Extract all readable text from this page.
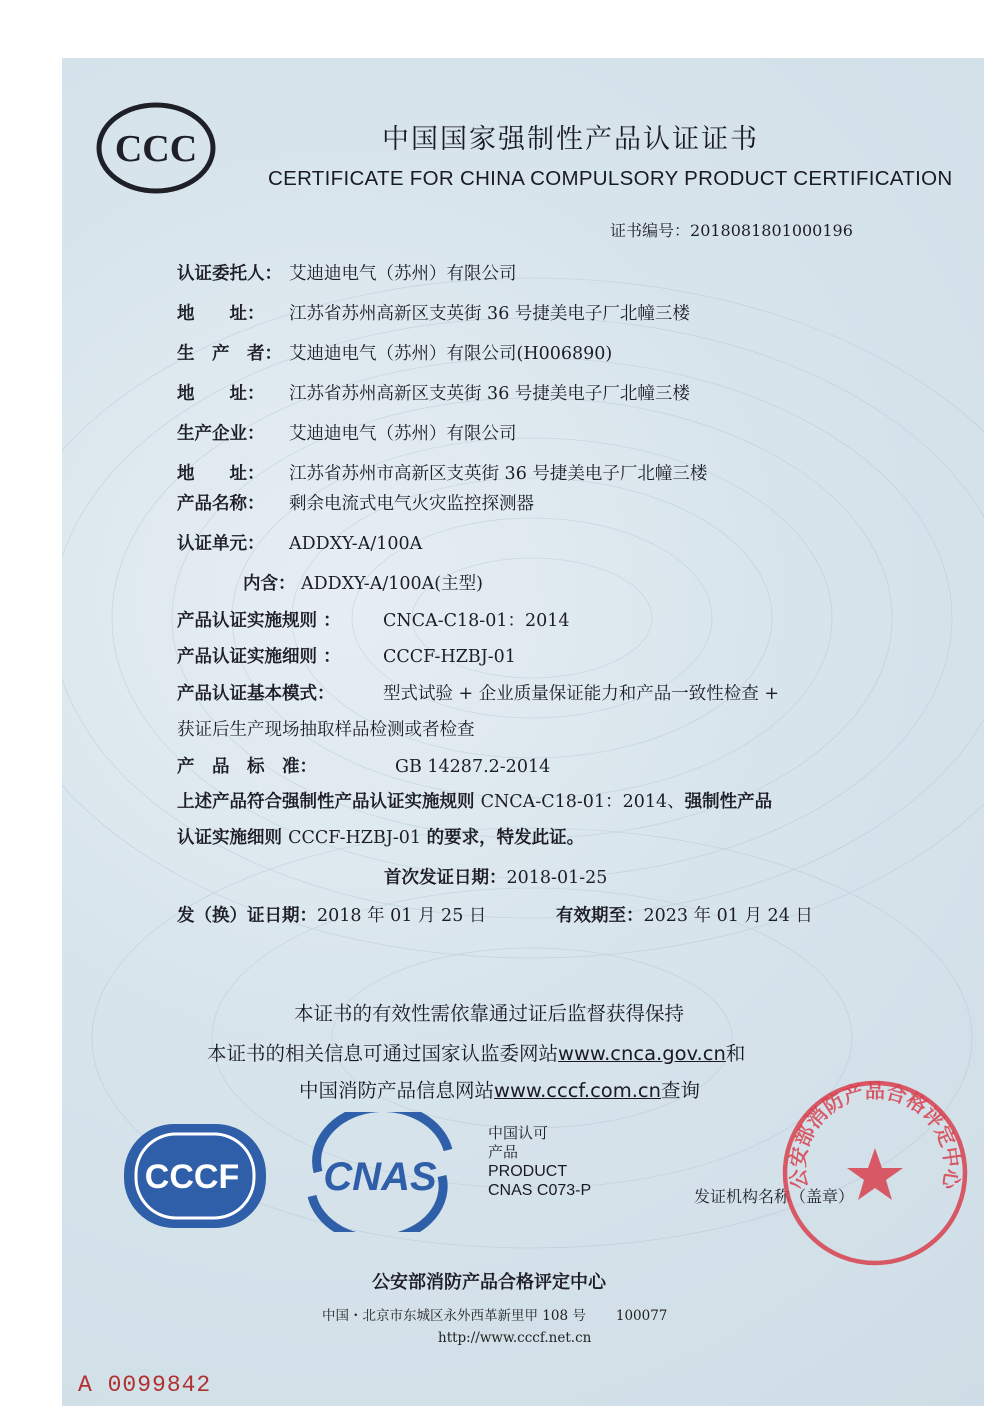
CCC	中国国家强制性产品认证证书
CERTIFICATE FOR CHINA COMPULSORY PRODUCT CERTIFICATION
证书编号：2018081801000196
认证委托人： 艾迪迪电气（苏州）有限公司
地　　址： 江苏省苏州高新区支英街 36 号捷美电子厂北幢三楼
生　产　者： 艾迪迪电气（苏州）有限公司(H006890)
地　　址： 江苏省苏州高新区支英街 36 号捷美电子厂北幢三楼
生产企业： 艾迪迪电气（苏州）有限公司
地　　址： 江苏省苏州市高新区支英街 36 号捷美电子厂北幢三楼
产品名称： 剩余电流式电气火灾监控探测器
认证单元： ADDXY-A/100A
内含： ADDXY-A/100A(主型)
产品认证实施规则 ： CNCA-C18-01：2014
产品认证实施细则 ： CCCF-HZBJ-01
产品认证基本模式：	型式试验 + 企业质量保证能力和产品一致性检查 +
获证后生产现场抽取样品检测或者检查
产　品　标　准：	GB 14287.2-2014
上述产品符合强制性产品认证实施规则 CNCA-C18-01：2014、强制性产品
认证实施细则 CCCF-HZBJ-01 的要求，特发此证。
首次发证日期：2018-01-25
发（换）证日期：2018 年 01 月 25 日	有效期至：2023 年 01 月 24 日
本证书的有效性需依靠通过证后监督获得保持
本证书的相关信息可通过国家认监委网站www.cnca.gov.cn和
中国消防产品信息网站www.cccf.com.cn查询
CCCF CNAS
中国认可
产品
PRODUCT
CNAS C073-P	发证机构名称（盖章）
公安部消防产品合格评定中心
公安部消防产品合格评定中心
中国・北京市东城区永外西革新里甲 108 号 100077
http://www.cccf.net.cn
A 0099842
